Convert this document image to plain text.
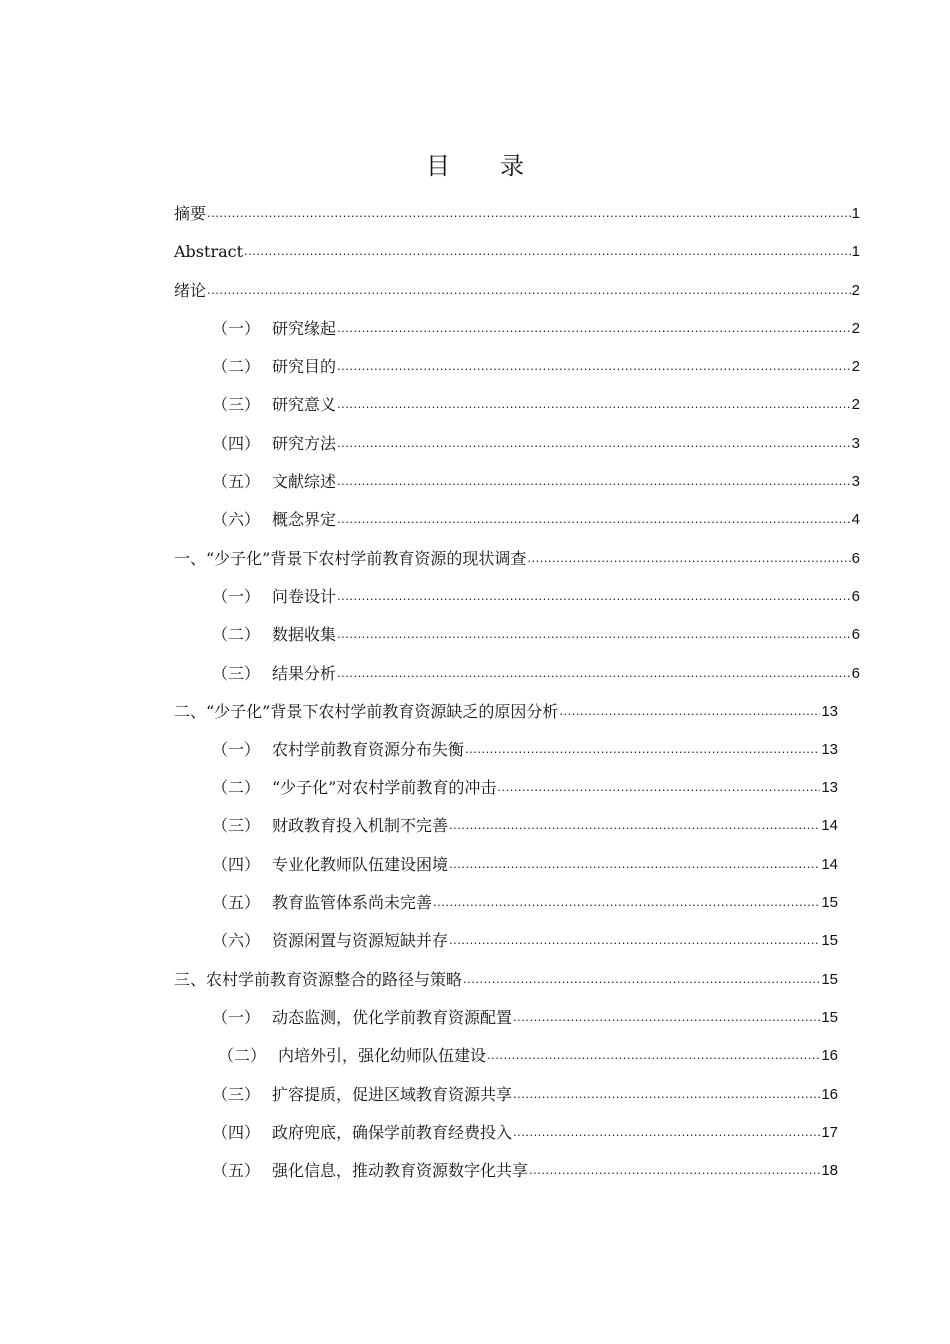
目 录
摘要 .....	1
Abstract .....	1
绪论 .....	2
（一） 研究缘起 .....	2
（二） 研究目的 .....	2
（三） 研究意义 .....	2
（四） 研究方法 .....	3
（五） 文献综述 .....	3
（六） 概念界定 .....	4
一、“少子化”背景下农村学前教育资源的现状调查 .....	6
（一） 问卷设计 .....	6
（二） 数据收集 .....	6
（三） 结果分析 .....	6
二、“少子化”背景下农村学前教育资源缺乏的原因分析 .....	13
（一） 农村学前教育资源分布失衡 .....	13
（二） “少子化”对农村学前教育的冲击 .....	13
（三） 财政教育投入机制不完善 .....	14
（四） 专业化教师队伍建设困境 .....	14
（五） 教育监管体系尚未完善 .....	15
（六） 资源闲置与资源短缺并存 .....	15
三、农村学前教育资源整合的路径与策略 .....	15
（一） 动态监测，优化学前教育资源配置 .....	15
（二） 内培外引，强化幼师队伍建设 .....	16
（三） 扩容提质，促进区域教育资源共享 .....	16
（四） 政府兜底，确保学前教育经费投入 .....	17
（五） 强化信息，推动教育资源数字化共享 .....	18
